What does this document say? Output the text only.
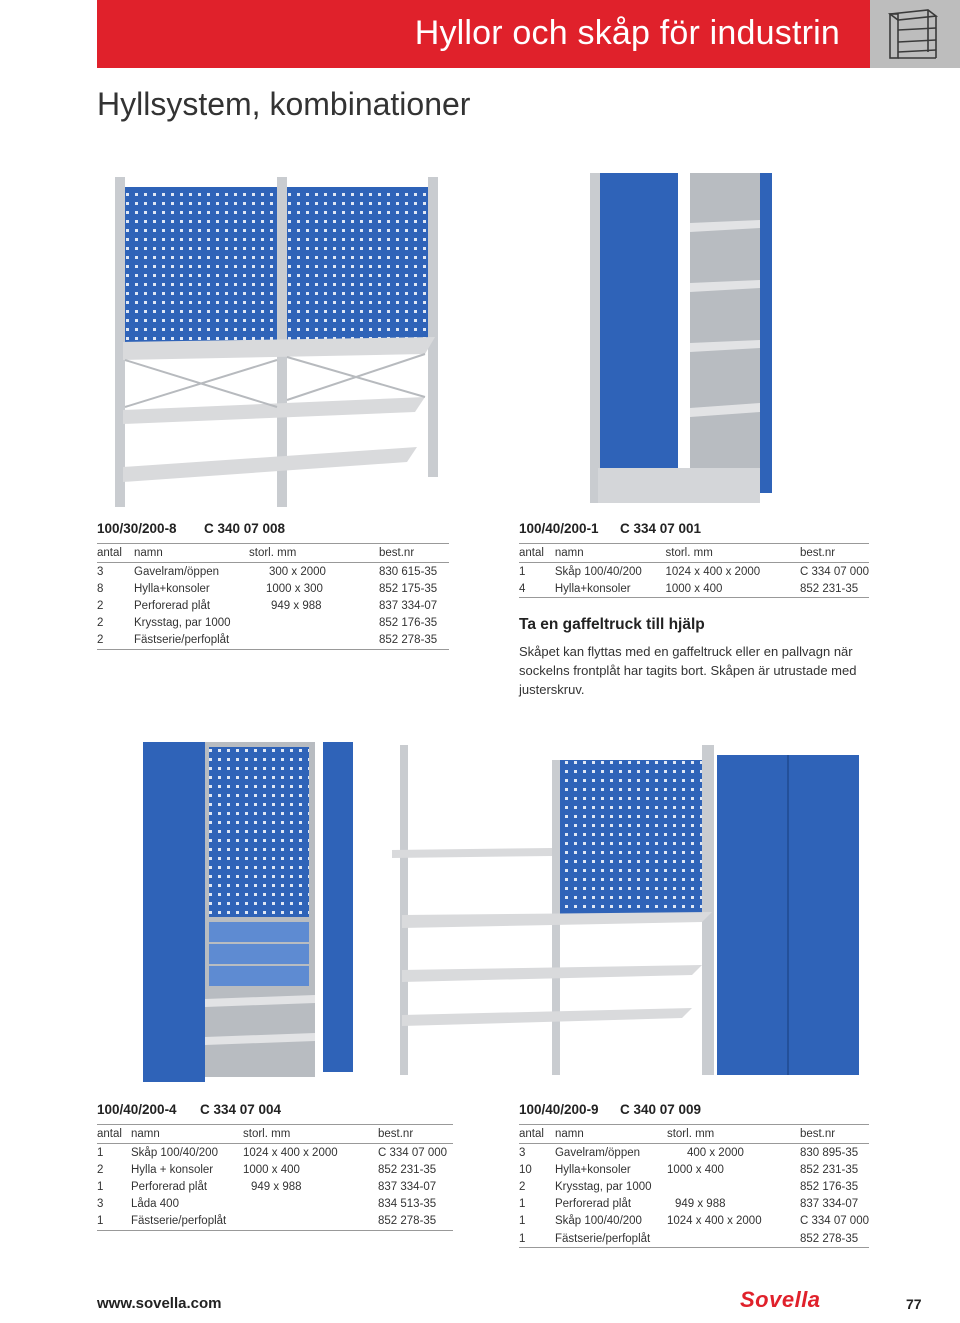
Hyllor och skåp för industrin
Hyllsystem, kombinationer
100/30/200-8 C 340 07 008
antal	namn	storl. mm	best.nr
3	Gavelram/öppen	300 x 2000	830 615-35
8	Hylla+konsoler	1000 x 300	852 175-35
2	Perforerad plåt	949 x 988	837 334-07
2	Krysstag, par 1000		852 176-35
2	Fästserie/perfoplåt		852 278-35
100/40/200-1 C 334 07 001
antal	namn	storl. mm	best.nr
1	Skåp 100/40/200	1024 x 400 x 2000	C 334 07 000
4	Hylla+konsoler	1000 x 400	852 231-35
Ta en gaffeltruck till hjälp
Skåpet kan flyttas med en gaffeltruck eller en pallvagn när sockelns frontplåt har tagits bort. Skåpen är utrustade med justerskruv.
100/40/200-4 C 334 07 004
antal	namn	storl. mm	best.nr
1	Skåp 100/40/200	1024 x 400 x 2000	C 334 07 000
2	Hylla + konsoler	1000 x 400	852 231-35
1	Perforerad plåt	949 x 988	837 334-07
3	Låda 400		834 513-35
1	Fästserie/perfoplåt		852 278-35
100/40/200-9 C 340 07 009
antal	namn	storl. mm	best.nr
3	Gavelram/öppen	400 x 2000	830 895-35
10	Hylla+konsoler	1000 x 400	852 231-35
2	Krysstag, par 1000		852 176-35
1	Perforerad plåt	949 x 988	837 334-07
1	Skåp 100/40/200	1024 x 400 x 2000	C 334 07 000
1	Fästserie/perfoplåt		852 278-35
www.sovella.com	Sovella	77
